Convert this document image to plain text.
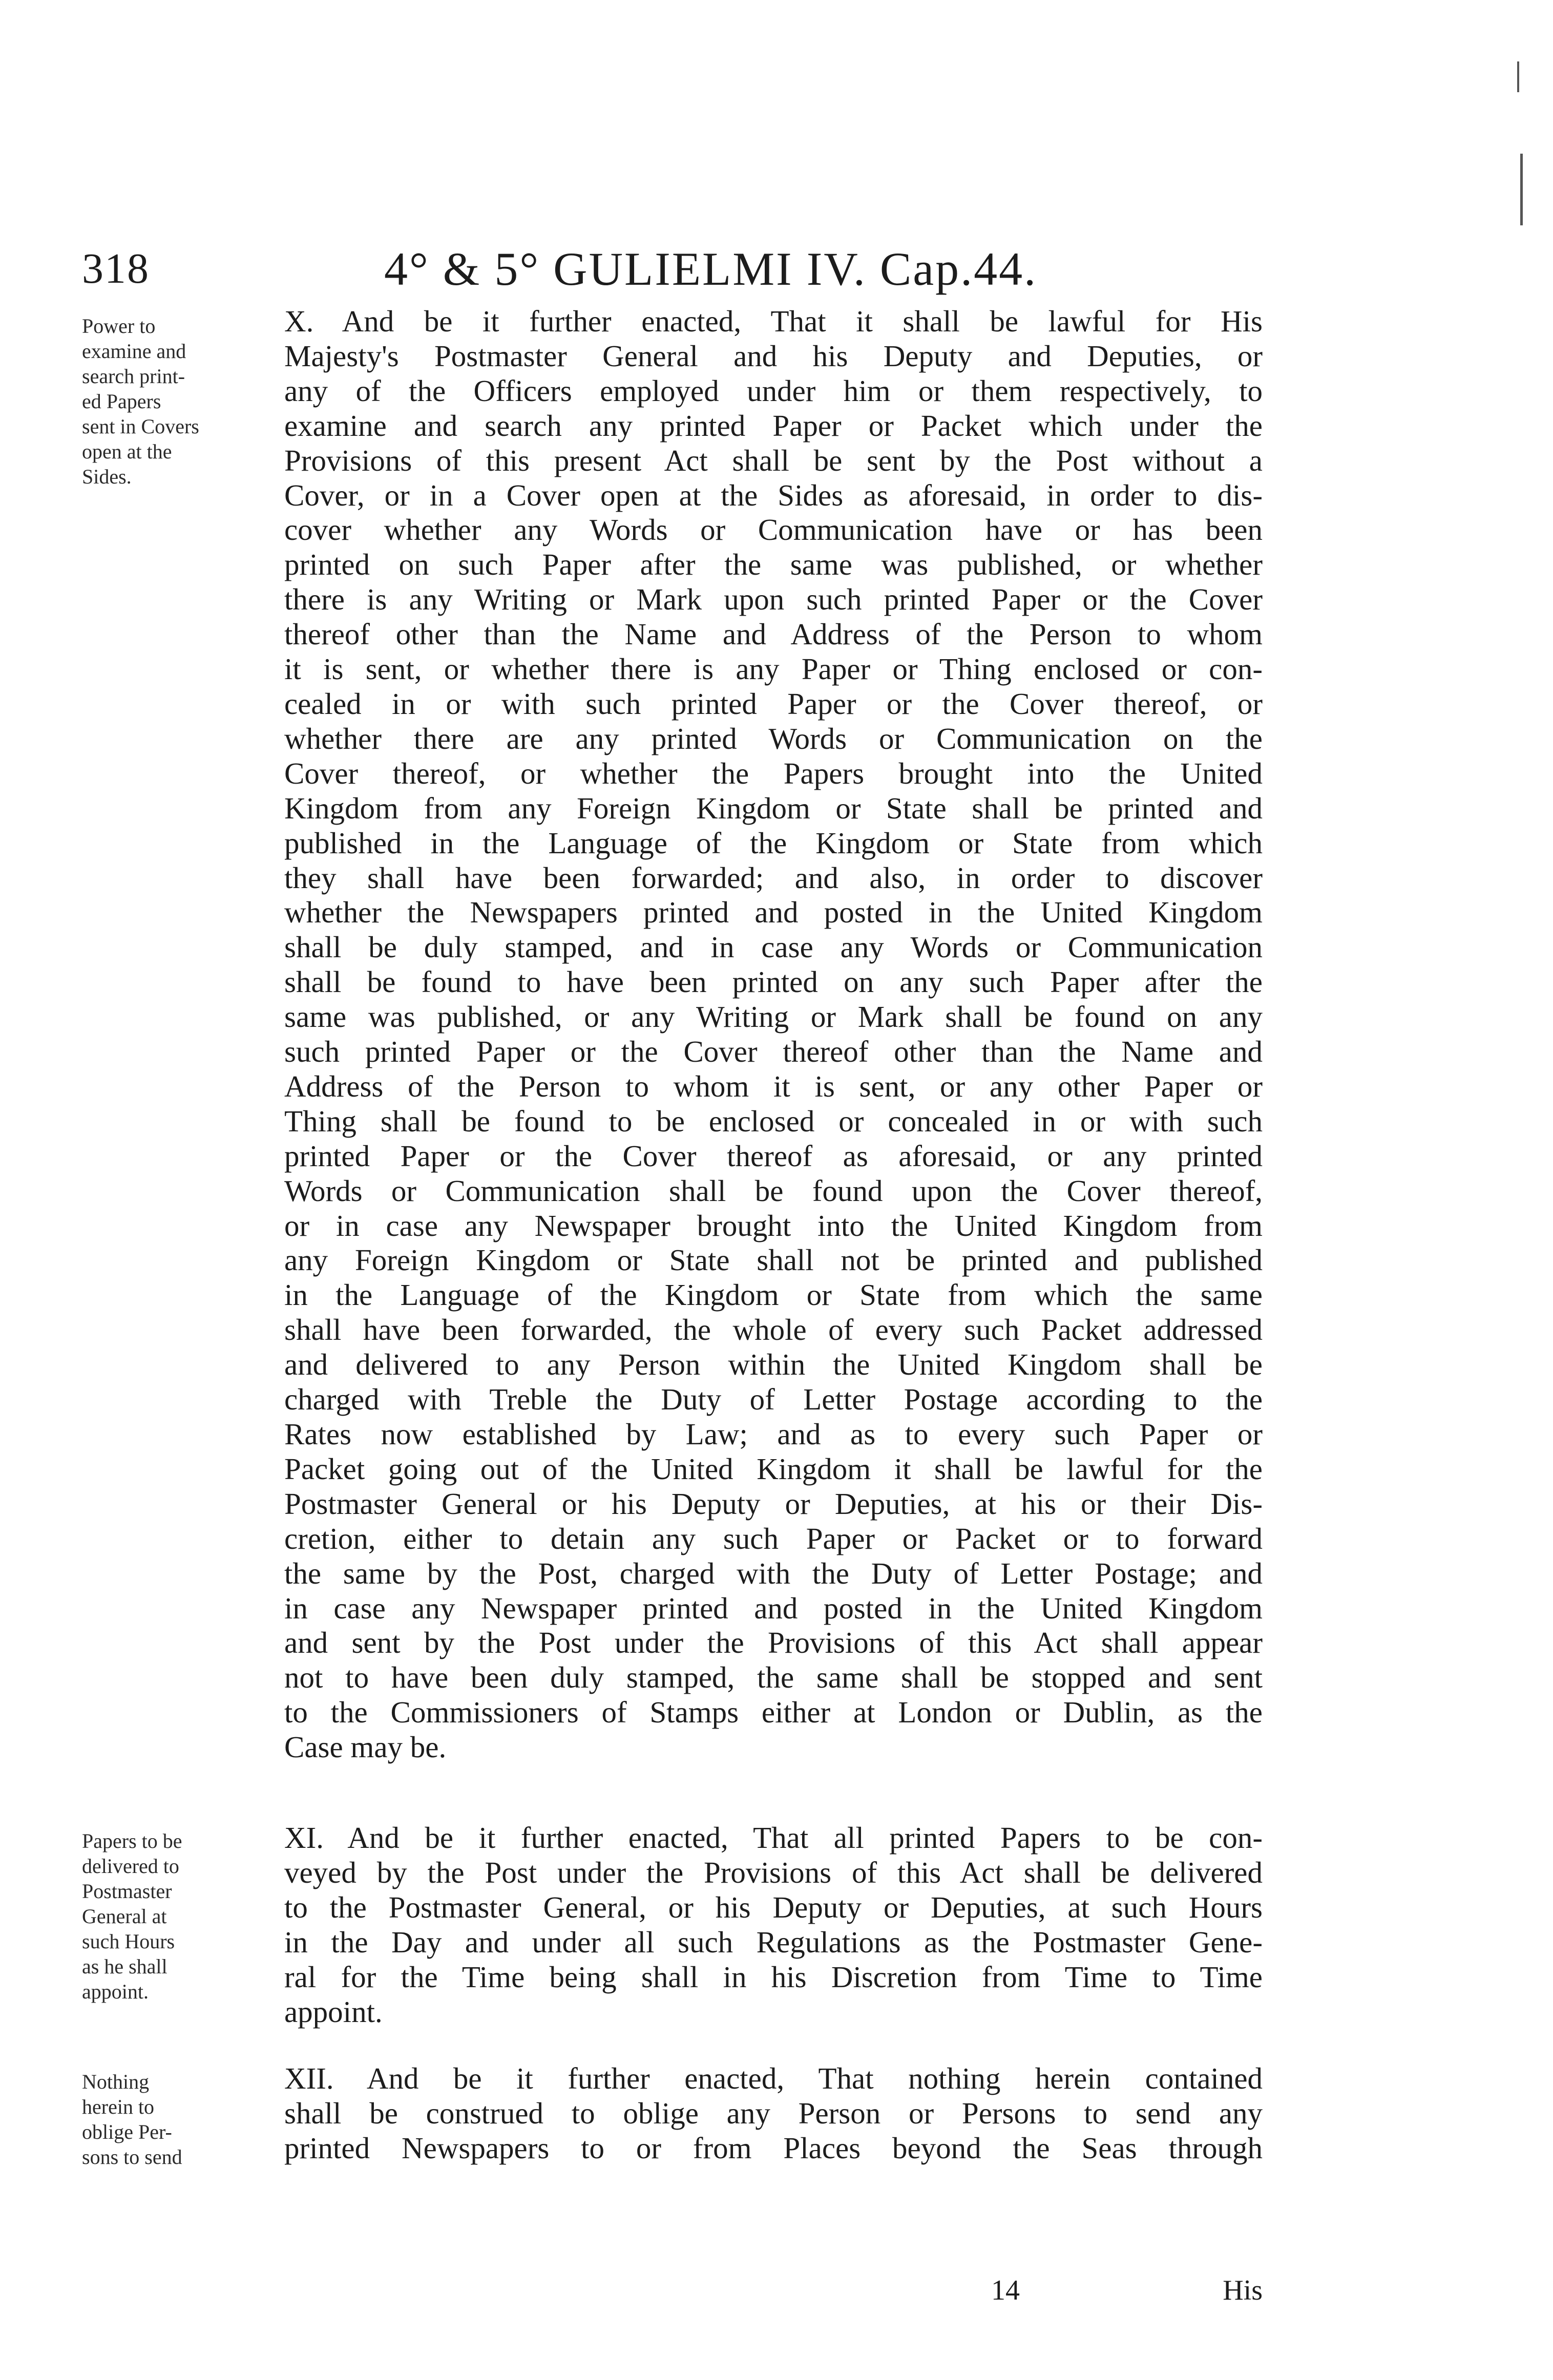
318	4° & 5° GULIELMI IV. Cap.44.
Power to
examine and
search print-
ed Papers
sent in Covers
open at the
Sides.
X. And be it further enacted, That it shall be lawful for His
Majesty's Postmaster General and his Deputy and Deputies, or
any of the Officers employed under him or them respectively, to
examine and search any printed Paper or Packet which under the
Provisions of this present Act shall be sent by the Post without a
Cover, or in a Cover open at the Sides as aforesaid, in order to dis-
cover whether any Words or Communication have or has been
printed on such Paper after the same was published, or whether
there is any Writing or Mark upon such printed Paper or the Cover
thereof other than the Name and Address of the Person to whom
it is sent, or whether there is any Paper or Thing enclosed or con-
cealed in or with such printed Paper or the Cover thereof, or
whether there are any printed Words or Communication on the
Cover thereof, or whether the Papers brought into the United
Kingdom from any Foreign Kingdom or State shall be printed and
published in the Language of the Kingdom or State from which
they shall have been forwarded; and also, in order to discover
whether the Newspapers printed and posted in the United Kingdom
shall be duly stamped, and in case any Words or Communication
shall be found to have been printed on any such Paper after the
same was published, or any Writing or Mark shall be found on any
such printed Paper or the Cover thereof other than the Name and
Address of the Person to whom it is sent, or any other Paper or
Thing shall be found to be enclosed or concealed in or with such
printed Paper or the Cover thereof as aforesaid, or any printed
Words or Communication shall be found upon the Cover thereof,
or in case any Newspaper brought into the United Kingdom from
any Foreign Kingdom or State shall not be printed and published
in the Language of the Kingdom or State from which the same
shall have been forwarded, the whole of every such Packet addressed
and delivered to any Person within the United Kingdom shall be
charged with Treble the Duty of Letter Postage according to the
Rates now established by Law; and as to every such Paper or
Packet going out of the United Kingdom it shall be lawful for the
Postmaster General or his Deputy or Deputies, at his or their Dis-
cretion, either to detain any such Paper or Packet or to forward
the same by the Post, charged with the Duty of Letter Postage; and
in case any Newspaper printed and posted in the United Kingdom
and sent by the Post under the Provisions of this Act shall appear
not to have been duly stamped, the same shall be stopped and sent
to the Commissioners of Stamps either at London or Dublin, as the
Case may be.
Papers to be
delivered to
Postmaster
General at
such Hours
as he shall
appoint.
XI. And be it further enacted, That all printed Papers to be con-
veyed by the Post under the Provisions of this Act shall be delivered
to the Postmaster General, or his Deputy or Deputies, at such Hours
in the Day and under all such Regulations as the Postmaster Gene-
ral for the Time being shall in his Discretion from Time to Time
appoint.
Nothing
herein to
oblige Per-
sons to send
XII. And be it further enacted, That nothing herein contained
shall be construed to oblige any Person or Persons to send any
printed Newspapers to or from Places beyond the Seas through
14	His
